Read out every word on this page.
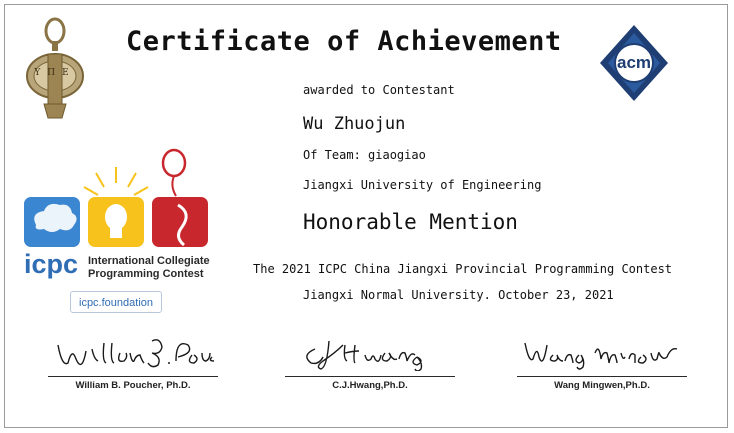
ΥΠΕ
Certificate of Achievement
acm
awarded to Contestant
Wu Zhuojun
Of Team: giaogiao
Jiangxi University of Engineering
Honorable Mention
The 2021 ICPC China Jiangxi Provincial Programming Contest
Jiangxi Normal University. October 23, 2021
icpc International Collegiate
Programming Contest
icpc.foundation
William B. Poucher, Ph.D.	C.J.Hwang,Ph.D.	Wang Mingwen,Ph.D.
